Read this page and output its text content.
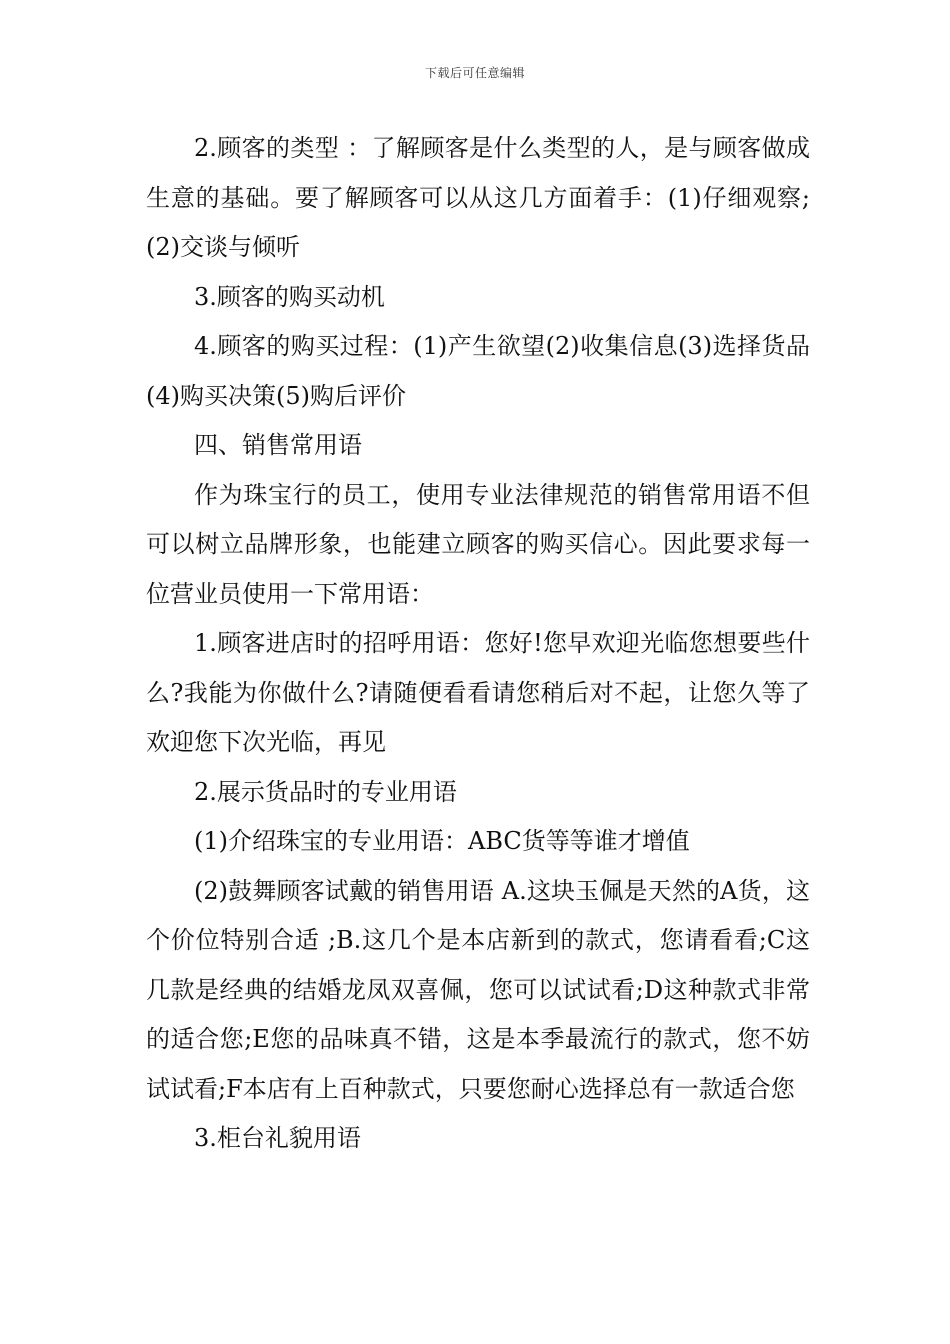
下载后可任意编辑

2.顾客的类型 ：了解顾客是什么类型的人，是与顾客做成生意的基础。要了解顾客可以从这几方面着手：(1)仔细观察; (2)交谈与倾听

3.顾客的购买动机

4.顾客的购买过程：(1)产生欲望(2)收集信息(3)选择货品(4)购买决策(5)购后评价

四、销售常用语

作为珠宝行的员工，使用专业法律规范的销售常用语不但可以树立品牌形象，也能建立顾客的购买信心。因此要求每一位营业员使用一下常用语：

1.顾客进店时的招呼用语：您好!您早欢迎光临您想要些什么?我能为你做什么?请随便看看请您稍后对不起，让您久等了欢迎您下次光临，再见

2.展示货品时的专业用语

(1)介绍珠宝的专业用语：ABC货等等谁才增值

(2)鼓舞顾客试戴的销售用语 A.这块玉佩是天然的A货，这个价位特别合适 ;B.这几个是本店新到的款式，您请看看;C这几款是经典的结婚龙凤双喜佩，您可以试试看;D这种款式非常的适合您;E您的品味真不错，这是本季最流行的款式，您不妨试试看;F本店有上百种款式，只要您耐心选择总有一款适合您

3.柜台礼貌用语
